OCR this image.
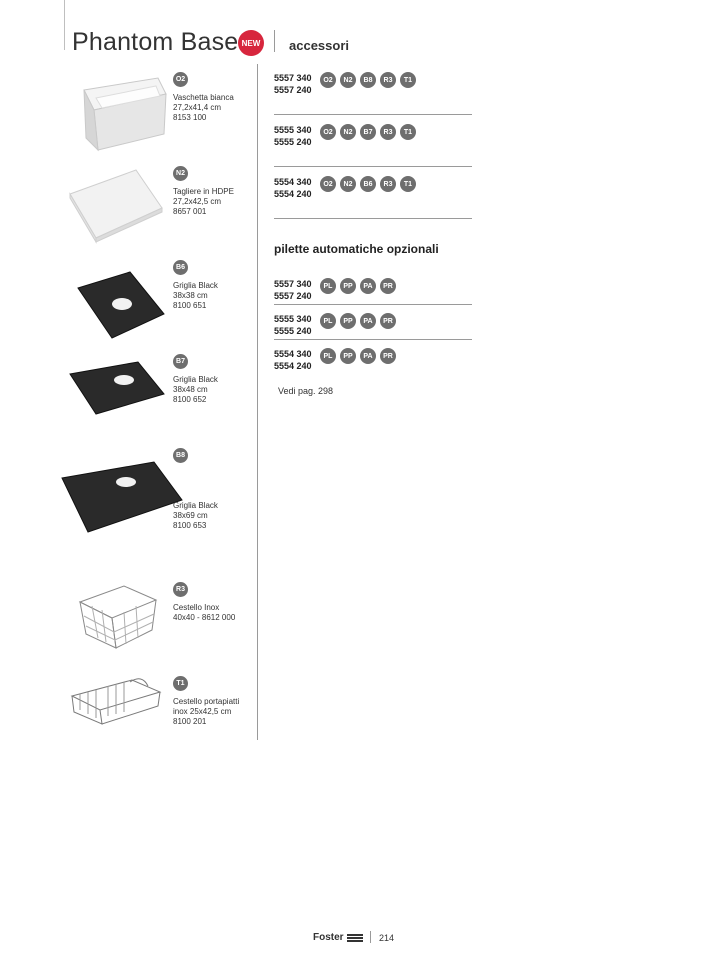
Phantom Base NEW accessori
O2
Vaschetta bianca
27,2x41,4 cm
8153 100
N2
Tagliere in HDPE
27,2x42,5 cm
8657 001
B6
Griglia Black
38x38 cm
8100 651
B7
Griglia Black
38x48 cm
8100 652
B8
Griglia Black
38x69 cm
8100 653
R3
Cestello Inox
40x40 - 8612 000
T1
Cestello portapiatti
inox 25x42,5 cm
8100 201
5557 340
5557 240
O2	N2	B8	R3	T1
5555 340
5555 240
O2	N2	B7	R3	T1
5554 340
5554 240
O2	N2	B6	R3	T1
pilette automatiche opzionali
5557 340
5557 240
PL	PP	PA	PR
5555 340
5555 240
PL	PP	PA	PR
5554 340
5554 240
PL	PP	PA	PR
Vedi pag. 298
Foster	214
